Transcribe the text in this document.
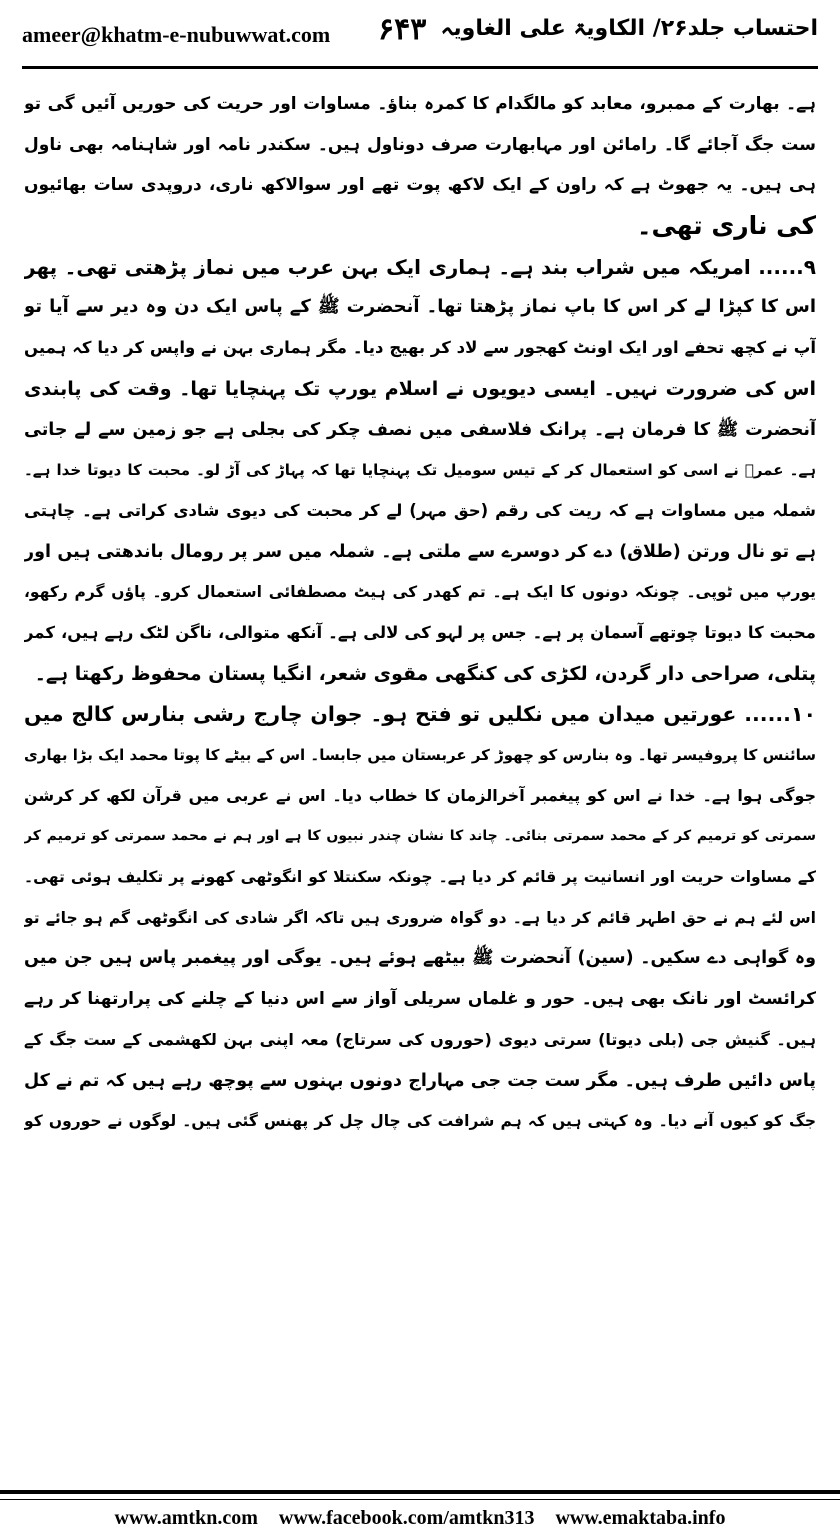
ameer@khatm-e-nubuwwat.com ۶۴۳ احتساب جلد۲۶/ الکاویۃ علی الغاویہ
ہے۔ بھارت کے ممبرو، معابد کو مالگدام کا کمرہ بناؤ۔ مساوات اور حریت کی حوریں آئیں گی تو
ست جگ آجائے گا۔ رامائن اور مہابھارت صرف دوناول ہیں۔ سکندر نامہ اور شاہنامہ بھی ناول
ہی ہیں۔ یہ جھوٹ ہے کہ راون کے ایک لاکھ پوت تھے اور سوالاکھ ناری، دروپدی سات بھائیوں
کی ناری تھی۔
۹...... امریکہ میں شراب بند ہے۔ ہماری ایک بہن عرب میں نماز پڑھتی تھی۔ پھر
اس کا کپڑا لے کر اس کا باپ نماز پڑھتا تھا۔ آنحضرت ﷺ کے پاس ایک دن وہ دیر سے آیا تو
آپ نے کچھ تحفے اور ایک اونٹ کھجور سے لاد کر بھیج دیا۔ مگر ہماری بہن نے واپس کر دیا کہ ہمیں
اس کی ضرورت نہیں۔ ایسی دیویوں نے اسلام یورپ تک پہنچایا تھا۔ وقت کی پابندی
آنحضرت ﷺ کا فرمان ہے۔ پرانک فلاسفی میں نصف چکر کی بجلی ہے جو زمین سے لے جاتی
ہے۔ عمرؓ نے اسی کو استعمال کر کے تیس سومیل تک پہنچایا تھا کہ پہاڑ کی آڑ لو۔ محبت کا دیوتا خدا ہے۔
شملہ میں مساوات ہے کہ ریت کی رقم (حق مہر) لے کر محبت کی دیوی شادی کراتی ہے۔ چاہتی
ہے تو نال ورتن (طلاق) دے کر دوسرے سے ملتی ہے۔ شملہ میں سر پر رومال باندھتی ہیں اور
یورپ میں ٹوپی۔ چونکہ دونوں کا ایک ہے۔ تم کھدر کی ہیٹ مصطفائی استعمال کرو۔ پاؤں گرم رکھو،
محبت کا دیوتا چوتھے آسمان پر ہے۔ جس پر لہو کی لالی ہے۔ آنکھ متوالی، ناگن لٹک رہے ہیں، کمر
پتلی، صراحی دار گردن، لکڑی کی کنگھی مقوی شعر، انگیا پستان محفوظ رکھتا ہے۔
۱۰...... عورتیں میدان میں نکلیں تو فتح ہو۔ جوان چارج رشی بنارس کالج میں
سائنس کا پروفیسر تھا۔ وہ بنارس کو چھوڑ کر عربستان میں جابسا۔ اس کے بیٹے کا پوتا محمد ایک بڑا بھاری
جوگی ہوا ہے۔ خدا نے اس کو پیغمبر آخرالزمان کا خطاب دیا۔ اس نے عربی میں قرآن لکھ کر کرشن
سمرتی کو ترمیم کر کے محمد سمرتی بنائی۔ چاند کا نشان چندر نبیوں کا ہے اور ہم نے محمد سمرتی کو ترمیم کر
کے مساوات حریت اور انسانیت پر قائم کر دیا ہے۔ چونکہ سکنتلا کو انگوٹھی کھونے پر تکلیف ہوئی تھی۔
اس لئے ہم نے حق اطہر قائم کر دیا ہے۔ دو گواہ ضروری ہیں تاکہ اگر شادی کی انگوٹھی گم ہو جائے تو
وہ گواہی دے سکیں۔ (سین) آنحضرت ﷺ بیٹھے ہوئے ہیں۔ یوگی اور پیغمبر پاس ہیں جن میں
کرائسٹ اور نانک بھی ہیں۔ حور و غلماں سریلی آواز سے اس دنیا کے چلنے کی پرارتھنا کر رہے
ہیں۔ گنیش جی (بلی دیوتا) سرتی دیوی (حوروں کی سرتاج) معہ اپنی بہن لکھشمی کے ست جگ کے
پاس دائیں طرف ہیں۔ مگر ست جت جی مہاراج دونوں بہنوں سے پوچھ رہے ہیں کہ تم نے کل
جگ کو کیوں آنے دیا۔ وہ کہتی ہیں کہ ہم شرافت کی چال چل کر پھنس گئی ہیں۔ لوگوں نے حوروں کو
www.amtkn.com www.facebook.com/amtkn313 www.emaktaba.info
